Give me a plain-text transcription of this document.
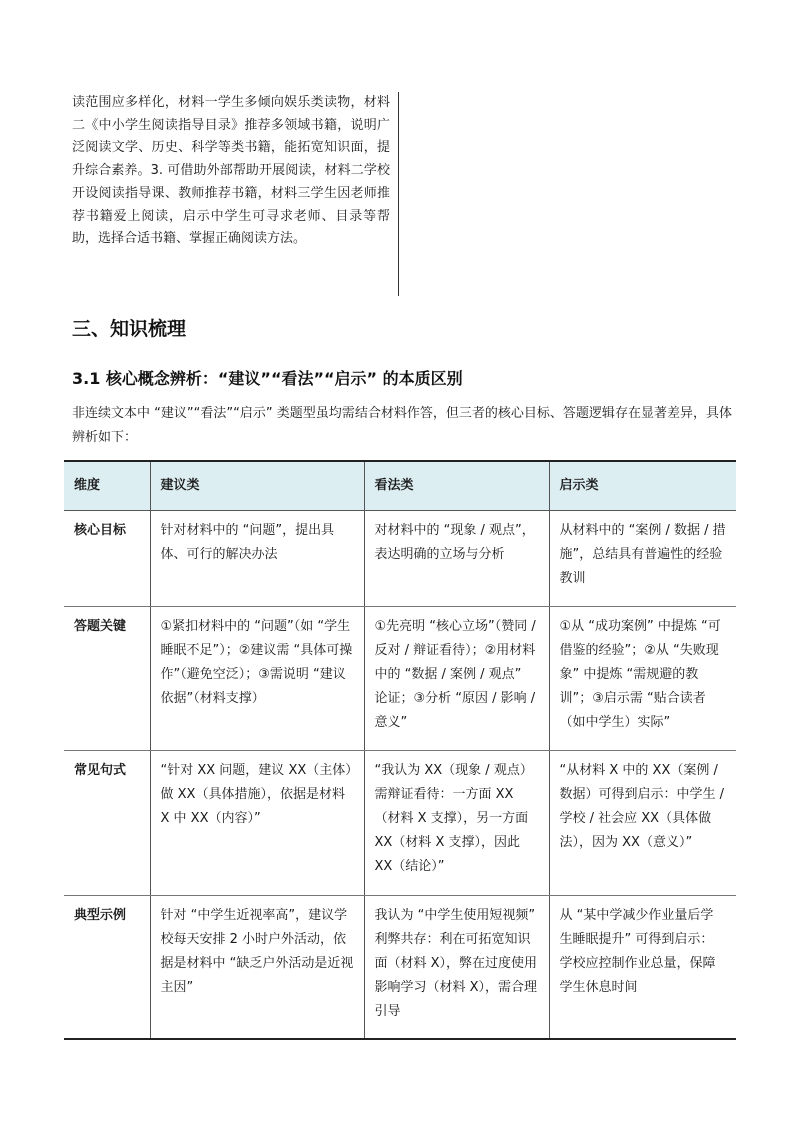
读范围应多样化，材料一学生多倾向娱乐类读物，材料二《中小学生阅读指导目录》推荐多领域书籍，说明广泛阅读文学、历史、科学等类书籍，能拓宽知识面，提升综合素养。3. 可借助外部帮助开展阅读，材料二学校开设阅读指导课、教师推荐书籍，材料三学生因老师推荐书籍爱上阅读，启示中学生可寻求老师、目录等帮助，选择合适书籍、掌握正确阅读方法。

三、知识梳理
3.1 核心概念辨析：“建议”“看法”“启示” 的本质区别

非连续文本中 “建议”“看法”“启示” 类题型虽均需结合材料作答，但三者的核心目标、答题逻辑存在显著差异，具体辨析如下：

维度	建议类	看法类	启示类
核心目标	针对材料中的 “问题”，提出具体、可行的解决办法	对材料中的 “现象 / 观点”，表达明确的立场与分析	从材料中的 “案例 / 数据 / 措施”，总结具有普遍性的经验教训
答题关键	①紧扣材料中的 “问题”（如 “学生睡眠不足”）；②建议需 “具体可操作”（避免空泛）；③需说明 “建议依据”（材料支撑）	①先亮明 “核心立场”（赞同 / 反对 / 辩证看待）；②用材料中的 “数据 / 案例 / 观点” 论证；③分析 “原因 / 影响 / 意义”	①从 “成功案例” 中提炼 “可借鉴的经验”；②从 “失败现象” 中提炼 “需规避的教训”；③启示需 “贴合读者（如中学生）实际”
常见句式	“针对 XX 问题，建议 XX（主体）做 XX（具体措施），依据是材料 X 中 XX（内容）”	“我认为 XX（现象 / 观点）需辩证看待：一方面 XX（材料 X 支撑），另一方面 XX（材料 X 支撑），因此 XX（结论）”	“从材料 X 中的 XX（案例 / 数据）可得到启示：中学生 / 学校 / 社会应 XX（具体做法），因为 XX（意义）”
典型示例	针对 “中学生近视率高”，建议学校每天安排 2 小时户外活动，依据是材料中 “缺乏户外活动是近视主因”	我认为 “中学生使用短视频” 利弊共存：利在可拓宽知识面（材料 X），弊在过度使用影响学习（材料 X），需合理引导	从 “某中学减少作业量后学生睡眠提升” 可得到启示：学校应控制作业总量，保障学生休息时间
